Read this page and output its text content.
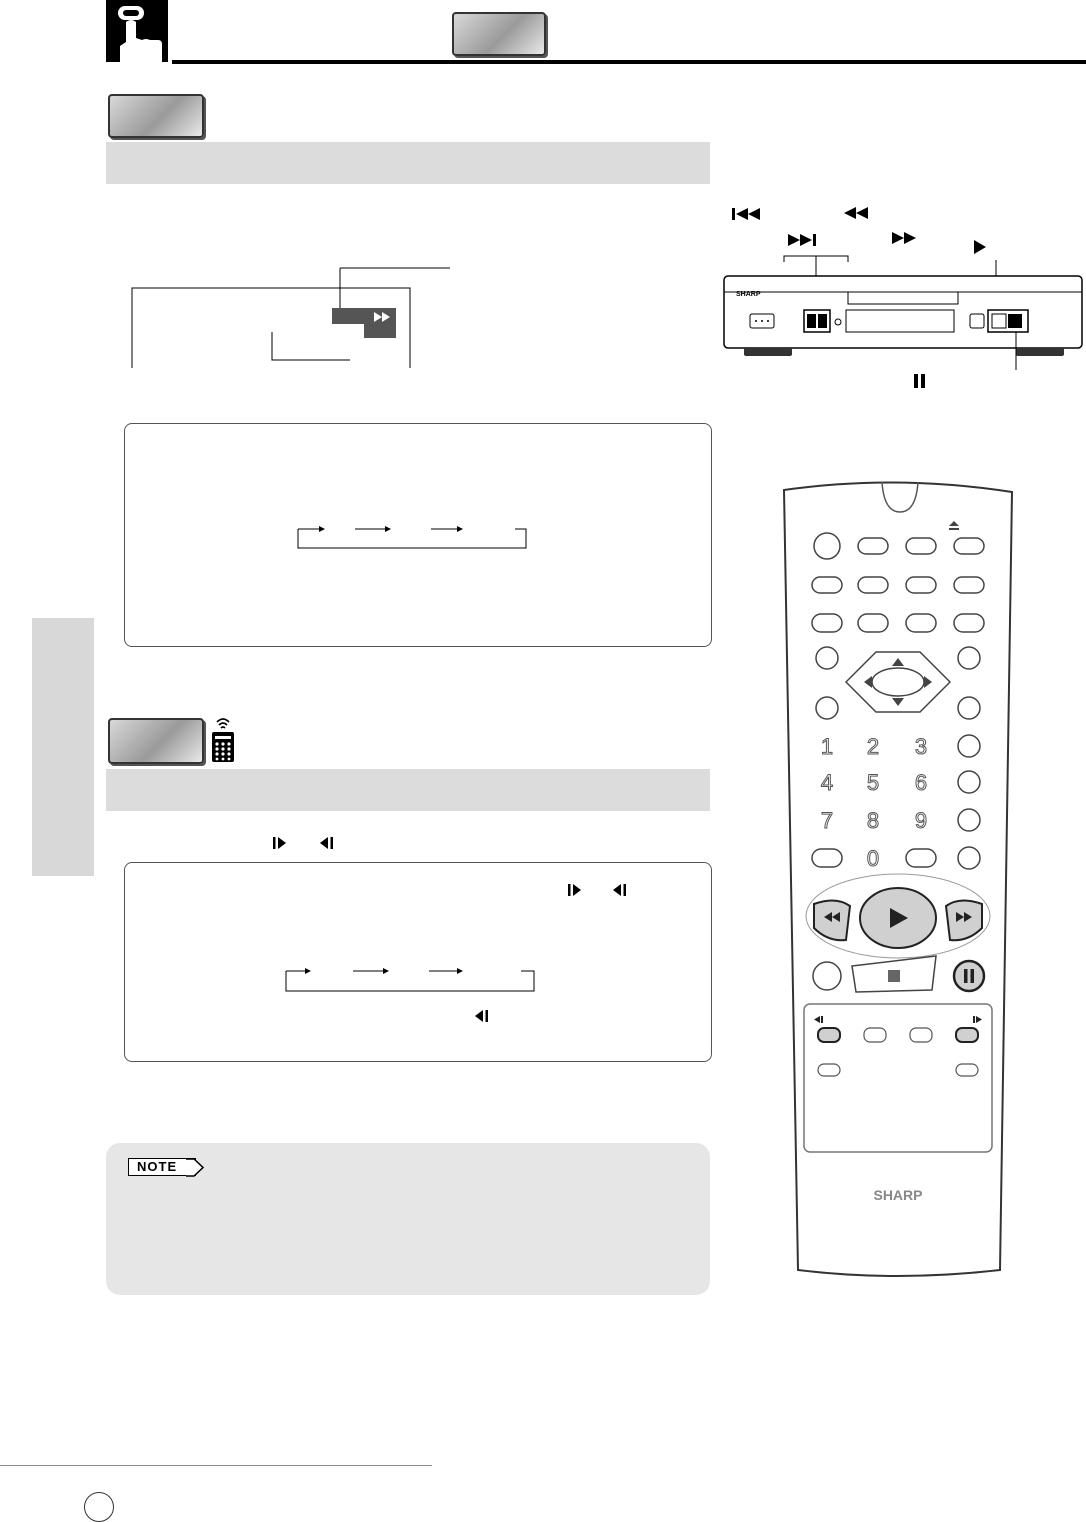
NOTE
SHARP
1 2 3
4 5 6
7 8 9
0
SHARP
